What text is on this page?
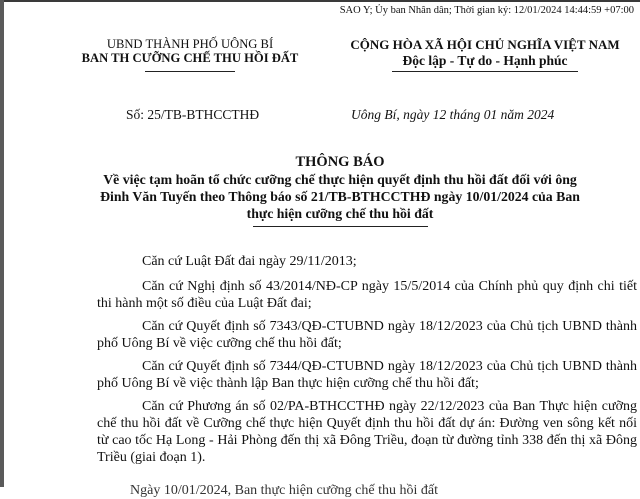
SAO Y; Ủy ban Nhân dân; Thời gian ký: 12/01/2024 14:44:59 +07:00
UBND THÀNH PHỐ UÔNG BÍ
BAN TH CƯỠNG CHẾ THU HỒI ĐẤT
CỘNG HÒA XÃ HỘI CHỦ NGHĨA VIỆT NAM
Độc lập - Tự do - Hạnh phúc
Số: 25/TB-BTHCCTHĐ	Uông Bí, ngày 12 tháng 01 năm 2024
THÔNG BÁO
Về việc tạm hoãn tổ chức cưỡng chế thực hiện quyết định thu hồi đất đối với ông Đinh Văn Tuyến theo Thông báo số 21/TB-BTHCCTHĐ ngày 10/01/2024 của Ban thực hiện cưỡng chế thu hồi đất
Căn cứ Luật Đất đai ngày 29/11/2013;
Căn cứ Nghị định số 43/2014/NĐ-CP ngày 15/5/2014 của Chính phủ quy định chi tiết thi hành một số điều của Luật Đất đai;
Căn cứ Quyết định số 7343/QĐ-CTUBND ngày 18/12/2023 của Chủ tịch UBND thành phố Uông Bí về việc cưỡng chế thu hồi đất;
Căn cứ Quyết định số 7344/QĐ-CTUBND ngày 18/12/2023 của Chủ tịch UBND thành phố Uông Bí về việc thành lập Ban thực hiện cưỡng chế thu hồi đất;
Căn cứ Phương án số 02/PA-BTHCCTHĐ ngày 22/12/2023 của Ban Thực hiện cưỡng chế thu hồi đất về Cưỡng chế thực hiện Quyết định thu hồi đất dự án: Đường ven sông kết nối từ cao tốc Hạ Long - Hải Phòng đến thị xã Đông Triều, đoạn từ đường tỉnh 338 đến thị xã Đông Triều (giai đoạn 1).
Ngày 10/01/2024, Ban thực hiện cưỡng chế thu hồi đất
